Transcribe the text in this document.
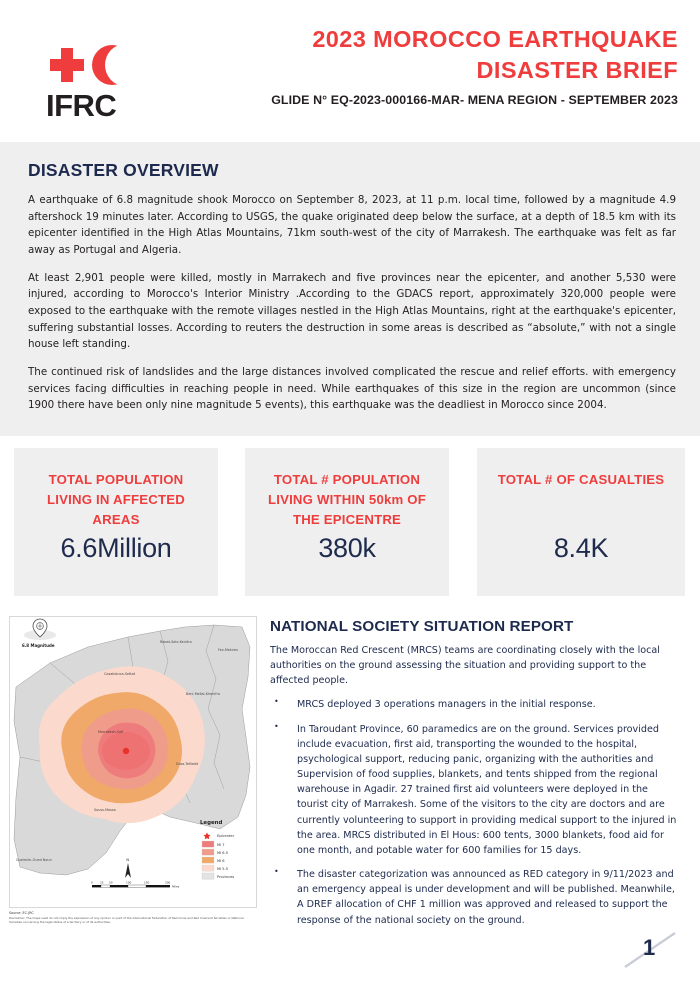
IFRC
2023 MOROCCO EARTHQUAKE
DISASTER BRIEF
GLIDE N° EQ-2023-000166-MAR- MENA REGION - SEPTEMBER 2023
DISASTER OVERVIEW

A earthquake of 6.8 magnitude shook Morocco on September 8, 2023, at 11 p.m. local time, followed by a magnitude 4.9 aftershock 19 minutes later. According to USGS, the quake originated deep below the surface, at a depth of 18.5 km with its epicenter identified in the High Atlas Mountains, 71km south-west of the city of Marrakesh. The earthquake was felt as far away as Portugal and Algeria.

At least 2,901 people were killed, mostly in Marrakech and five provinces near the epicenter, and another 5,530 were injured, according to Morocco's Interior Ministry .According to the GDACS report, approximately 320,000 people were exposed to the earthquake with the remote villages nestled in the High Atlas Mountains, right at the earthquake's epicenter, suffering substantial losses. According to reuters the destruction in some areas is described as “absolute,” with not a single house left standing.

The continued risk of landslides and the large distances involved complicated the rescue and relief efforts. with emergency services facing difficulties in reaching people in need. While earthquakes of this size in the region are uncommon (since 1900 there have been only nine magnitude 5 events), this earthquake was the deadliest in Morocco since 2004.

TOTAL POPULATION LIVING IN AFFECTED AREAS
6.6Million
TOTAL # POPULATION LIVING WITHIN 50km OF THE EPICENTRE
380k
TOTAL # OF CASUALTIES
8.4K
Rabat-Sale-Kenitra
Fez-Meknes
Casablanca-Settat
Beni Mellal-Khenifra
Marrakesh-Safi
Draa-Tafilalet
Souss-Massa
Guelmim-Oued Noun
6.8 Magnitude
Legend
Epicenter
MI 7
MI 6.5
MI 6
MI 5.5
Provinces
N
0	25 50	100	150	200
Miles
Source: EC-JRC
Disclaimer: The maps used do not imply the expression of any opinion on part of the International Federation of Red Cross and Red Crescent Societies or National Societies concerning the legal status of a territory or of its authorities.
NATIONAL SOCIETY SITUATION REPORT

The Moroccan Red Crescent (MRCS) teams are coordinating closely with the local authorities on the ground assessing the situation and providing support to the affected people.

• MRCS deployed 3 operations managers in the initial response.
• In Taroudant Province, 60 paramedics are on the ground. Services provided include evacuation, first aid, transporting the wounded to the hospital, psychological support, reducing panic, organizing with the authorities and Supervision of food supplies, blankets, and tents shipped from the regional warehouse in Agadir. 27 trained first aid volunteers were deployed in the tourist city of Marrakesh. Some of the visitors to the city are doctors and are currently volunteering to support in providing medical support to the injured in the area. MRCS distributed in El Hous: 600 tents, 3000 blankets, food aid for one month, and potable water for 600 families for 15 days.
• The disaster categorization was announced as RED category in 9/11/2023 and an emergency appeal is under development and will be published. Meanwhile, A DREF allocation of CHF 1 million was approved and released to support the response of the national society on the ground.
1
